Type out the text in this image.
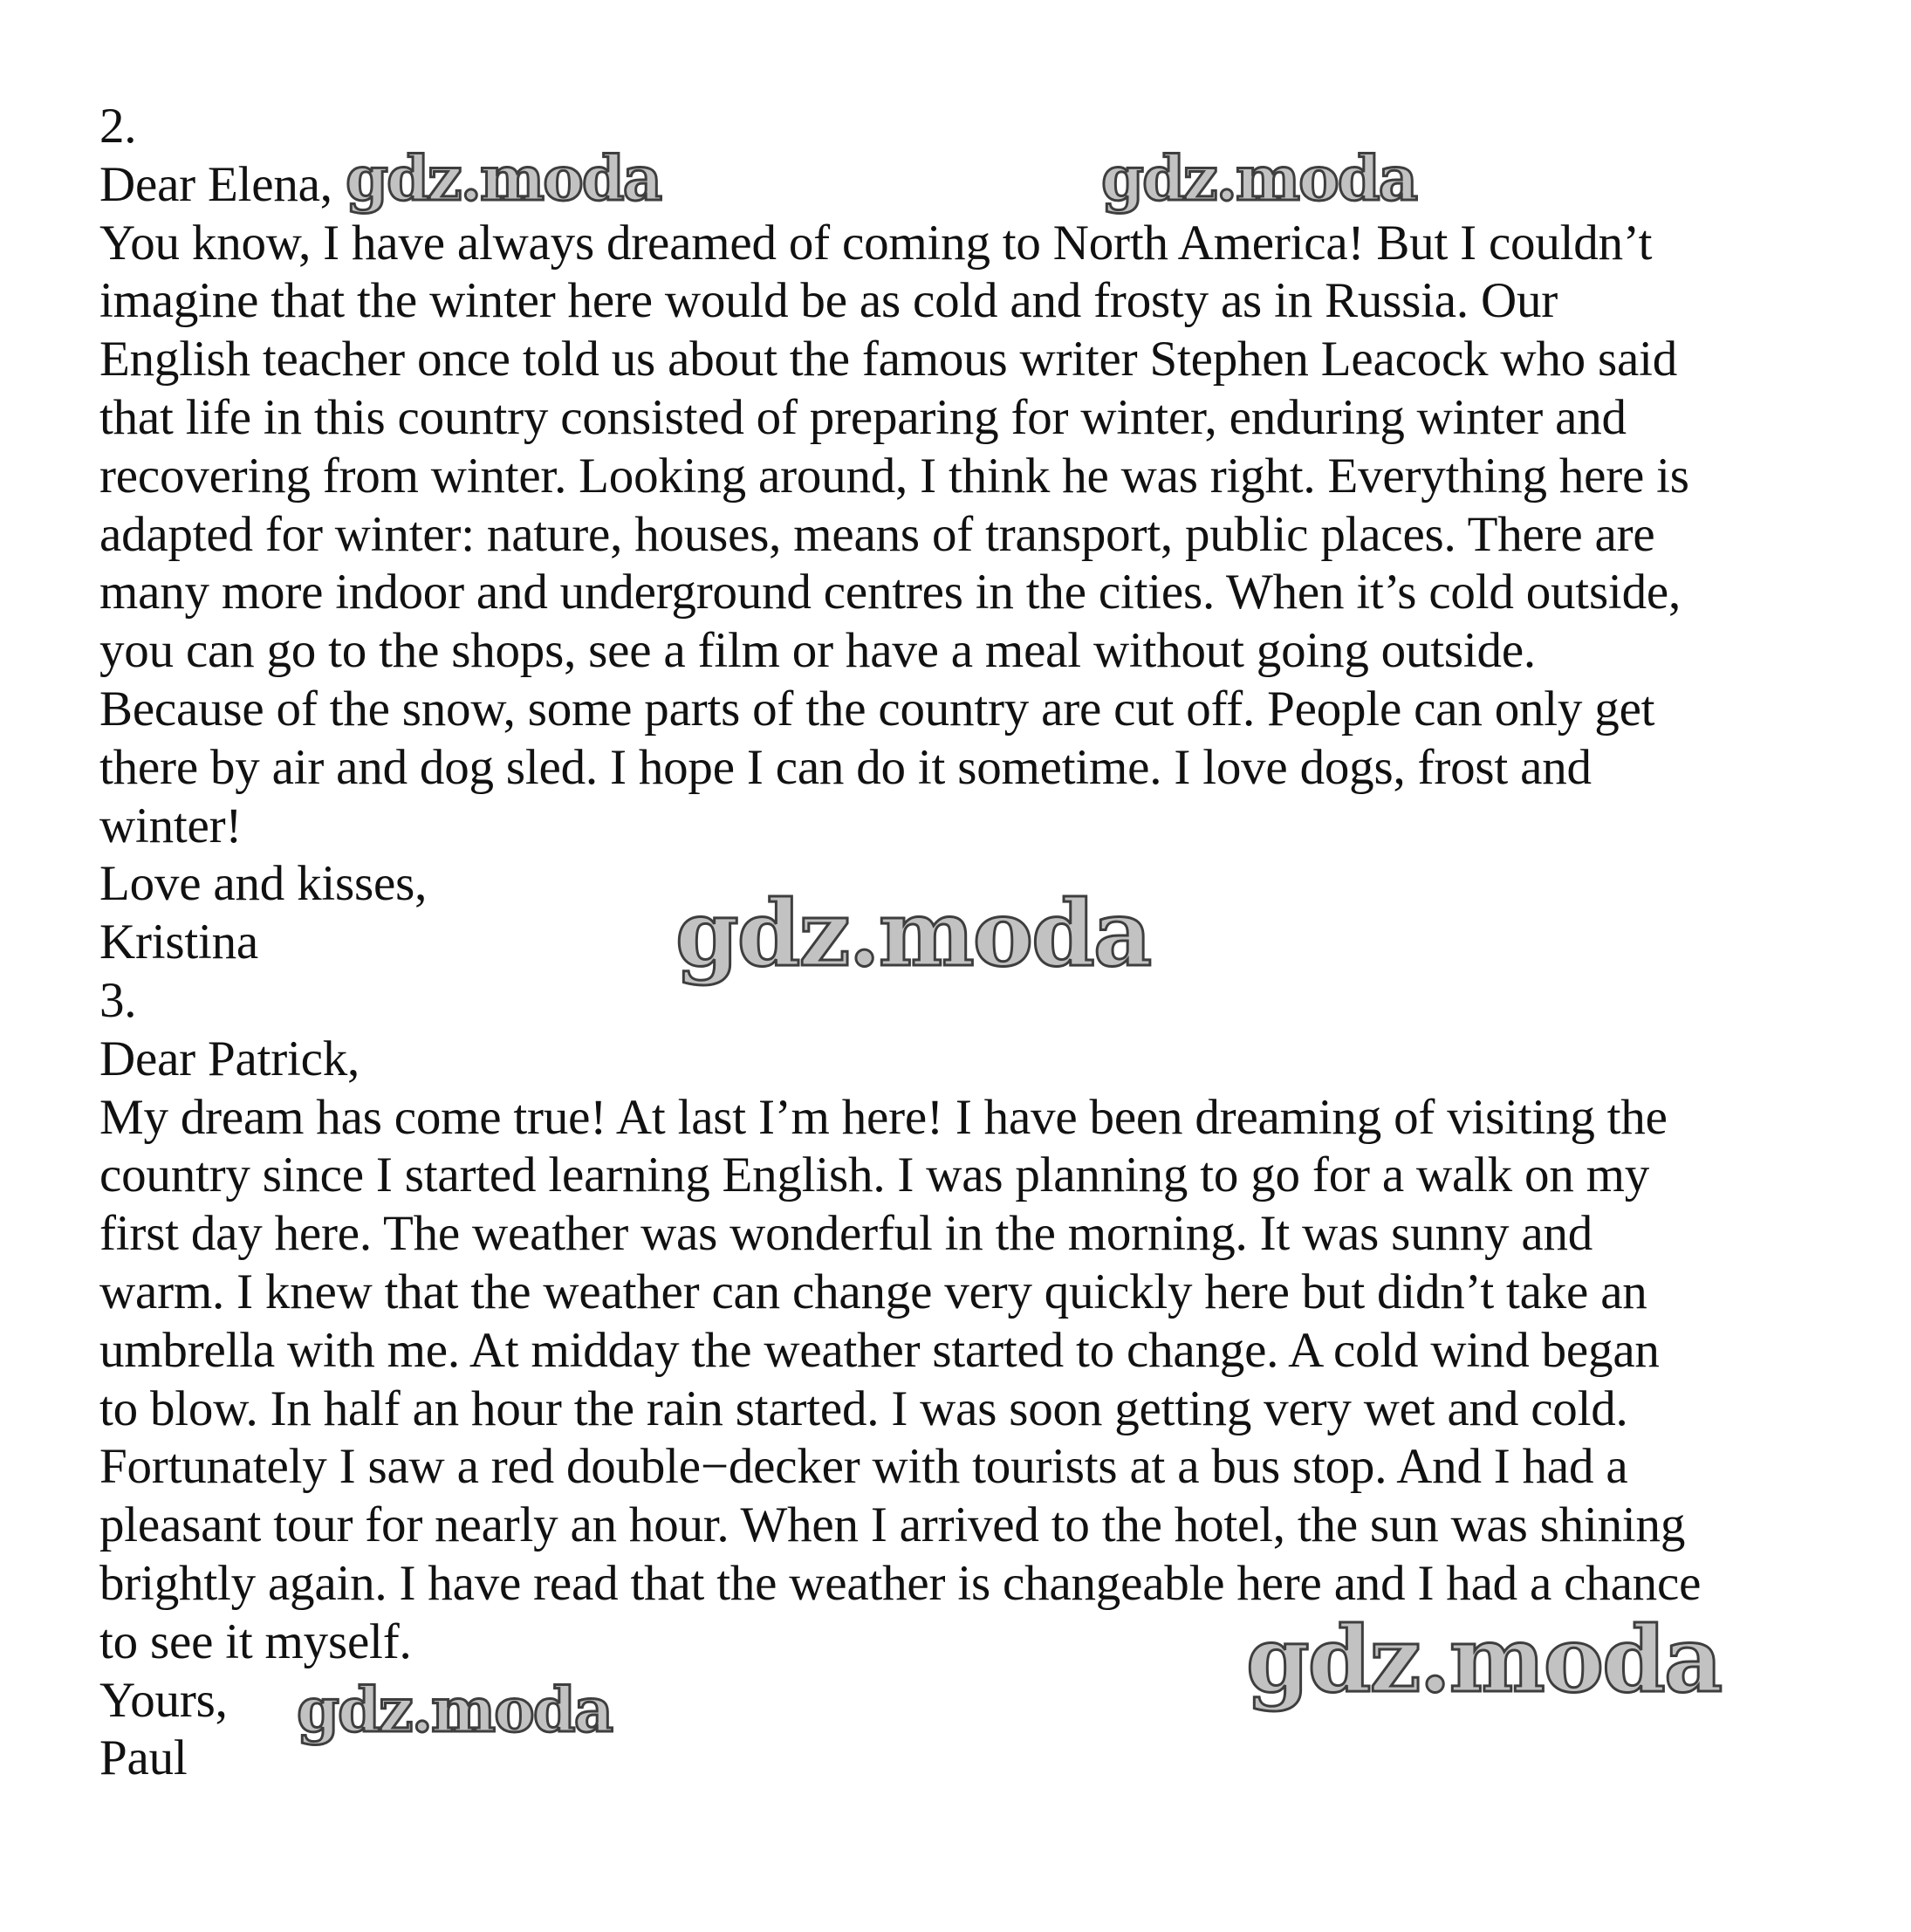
2.
Dear Elena,
You know, I have always dreamed of coming to North America! But I couldn’t
imagine that the winter here would be as cold and frosty as in Russia. Our
English teacher once told us about the famous writer Stephen Leacock who said
that life in this country consisted of preparing for winter, enduring winter and
recovering from winter. Looking around, I think he was right. Everything here is
adapted for winter: nature, houses, means of transport, public places. There are
many more indoor and underground centres in the cities. When it’s cold outside,
you can go to the shops, see a film or have a meal without going outside.
Because of the snow, some parts of the country are cut off. People can only get
there by air and dog sled. I hope I can do it sometime. I love dogs, frost and
winter!
Love and kisses,
Kristina
3.
Dear Patrick,
My dream has come true! At last I’m here! I have been dreaming of visiting the
country since I started learning English. I was planning to go for a walk on my
first day here. The weather was wonderful in the morning. It was sunny and
warm. I knew that the weather can change very quickly here but didn’t take an
umbrella with me. At midday the weather started to change. A cold wind began
to blow. In half an hour the rain started. I was soon getting very wet and cold.
Fortunately I saw a red double−decker with tourists at a bus stop. And I had a
pleasant tour for nearly an hour. When I arrived to the hotel, the sun was shining
brightly again. I have read that the weather is changeable here and I had a chance
to see it myself.
Yours,
Paul
gdz.moda	gdz.moda
gdz.moda
gdz.moda
gdz.moda
